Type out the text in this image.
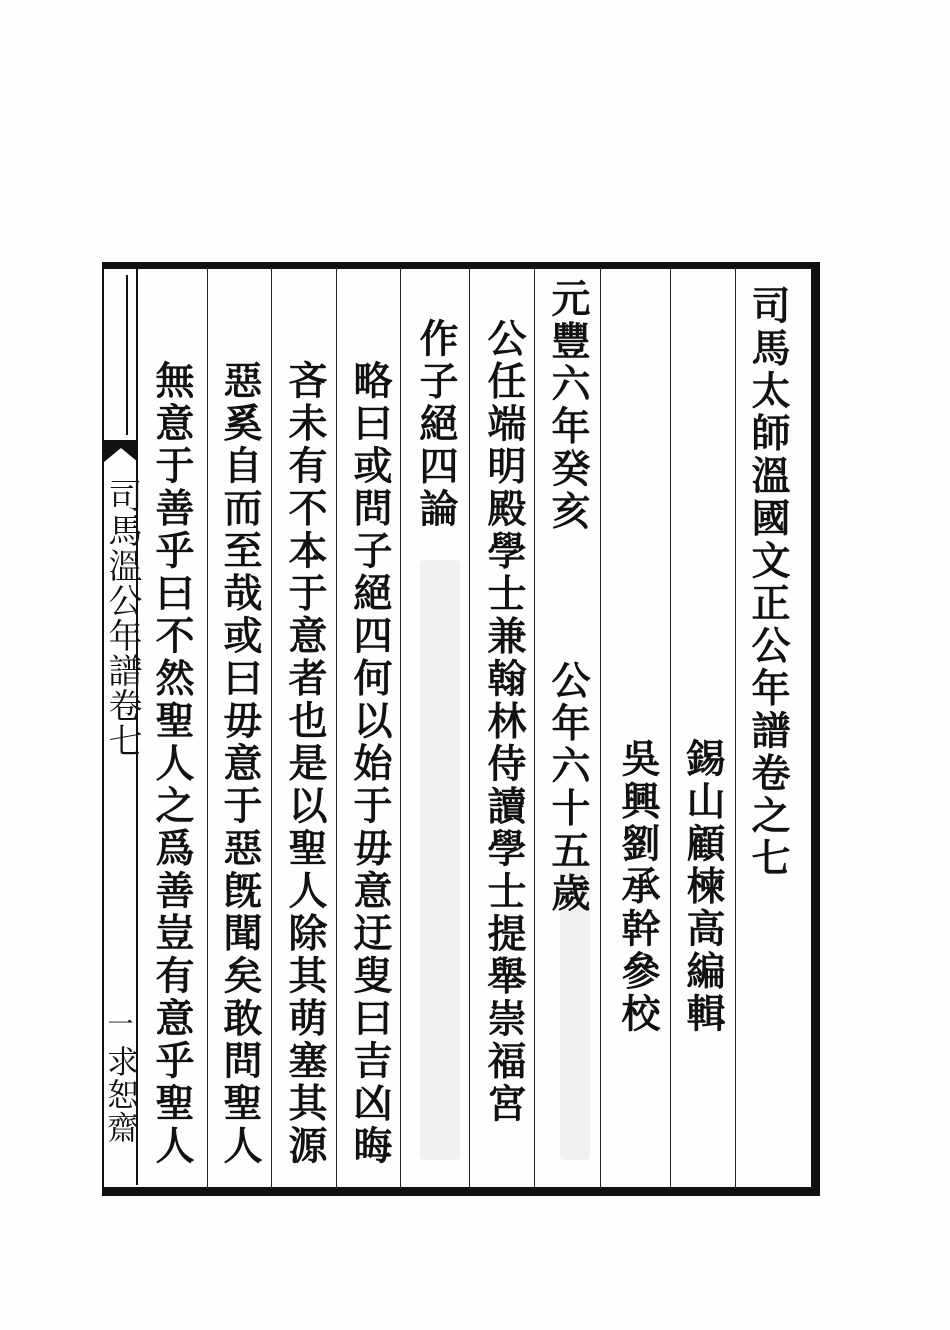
司馬太師溫國文正公年譜卷之七
錫山顧楝高編輯
吳興劉承幹參校
元豐六年癸亥
公年六十五歲
公任端明殿學士兼翰林侍讀學士提舉崇福宮
作子絕四論
略曰或問子絕四何以始于毋意迂叟曰吉凶晦
吝未有不本于意者也是以聖人除其萌塞其源
惡奚自而至哉或曰毋意于惡旣聞矣敢問聖人
無意于善乎曰不然聖人之爲善豈有意乎聖人
司馬溫公年譜卷七
一
求恕齋
